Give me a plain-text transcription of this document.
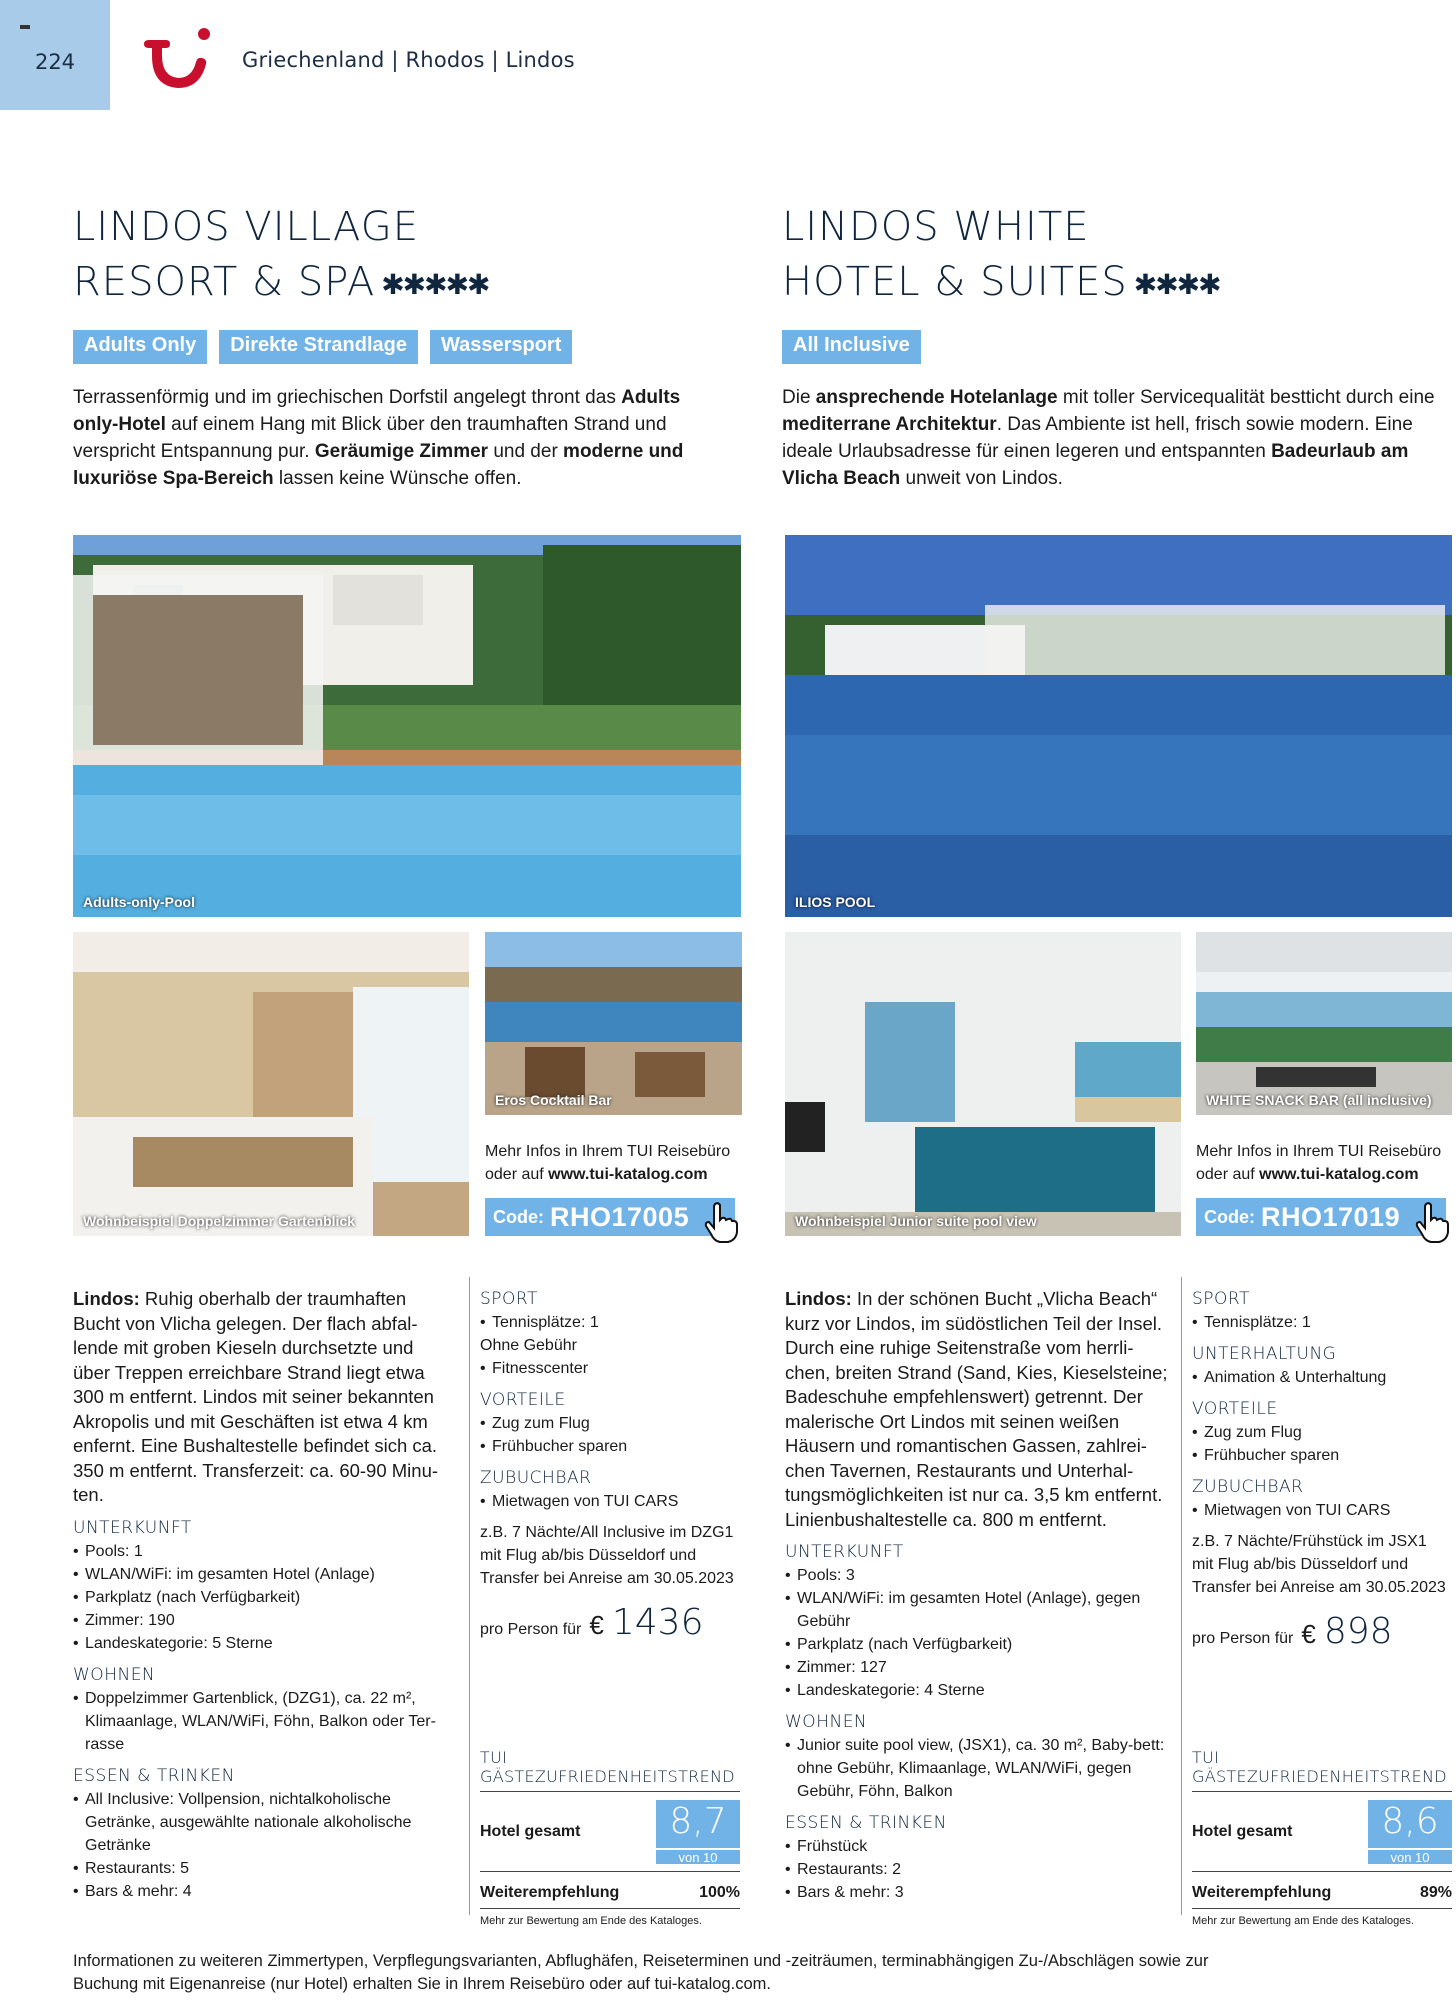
224	Griechenland | Rhodos | Lindos
LINDOS VILLAGE
RESORT & SPA ✱✱✱✱✱
Adults Only	Direkte Strandlage	Wassersport
Terrassenförmig und im griechischen Dorfstil angelegt thront das Adults only-Hotel auf einem Hang mit Blick über den traumhaften Strand und verspricht Entspannung pur. Geräumige Zimmer und der moderne und luxuriöse Spa-Bereich lassen keine Wünsche offen.
LINDOS WHITE
HOTEL & SUITES ✱✱✱✱
All Inclusive
Die ansprechende Hotelanlage mit toller Servicequalität bestticht durch eine mediterrane Architektur. Das Ambiente ist hell, frisch sowie modern. Eine ideale Urlaubsadresse für einen legeren und entspannten Badeurlaub am Vlicha Beach unweit von Lindos.
Adults-only-Pool
Wohnbeispiel Doppelzimmer Gartenblick
Eros Cocktail Bar
Mehr Infos in Ihrem TUI Reisebüro
oder auf www.tui-katalog.com
Code: RHO17005
ILIOS POOL
Wohnbeispiel Junior suite pool view
WHITE SNACK BAR (all inclusive)
Mehr Infos in Ihrem TUI Reisebüro
oder auf www.tui-katalog.com
Code: RHO17019
Lindos: Ruhig oberhalb der traumhaften Bucht von Vlicha gelegen. Der flach abfal-lende mit groben Kieseln durchsetzte und über Treppen erreichbare Strand liegt etwa 300 m entfernt. Lindos mit seiner bekannten Akropolis und mit Geschäften ist etwa 4 km enfernt. Eine Bushaltestelle befindet sich ca. 350 m entfernt. Transferzeit: ca. 60-90 Minu-ten.
UNTERKUNFT
• Pools: 1
• WLAN/WiFi: im gesamten Hotel (Anlage)
• Parkplatz (nach Verfügbarkeit)
• Zimmer: 190
• Landeskategorie: 5 Sterne
WOHNEN
• Doppelzimmer Gartenblick, (DZG1), ca. 22 m², Klimaanlage, WLAN/WiFi, Föhn, Balkon oder Ter-rasse
ESSEN & TRINKEN
• All Inclusive: Vollpension, nichtalkoholische Getränke, ausgewählte nationale alkoholische Getränke
• Restaurants: 5
• Bars & mehr: 4
SPORT
• Tennisplätze: 1
Ohne Gebühr
• Fitnesscenter
VORTEILE
• Zug zum Flug
• Frühbucher sparen
ZUBUCHBAR
• Mietwagen von TUI CARS
z.B. 7 Nächte/All Inclusive im DZG1 mit Flug ab/bis Düsseldorf und Transfer bei Anreise am 30.05.2023
pro Person für € 1436
TUI GÄSTEZUFRIEDENHEITSTREND
Hotel gesamt	8,7
von 10
Weiterempfehlung	100%
Mehr zur Bewertung am Ende des Kataloges.
Lindos: In der schönen Bucht „Vlicha Beach“ kurz vor Lindos, im südöstlichen Teil der Insel. Durch eine ruhige Seitenstraße vom herrli-chen, breiten Strand (Sand, Kies, Kieselsteine; Badeschuhe empfehlenswert) getrennt. Der malerische Ort Lindos mit seinen weißen Häusern und romantischen Gassen, zahlrei-chen Tavernen, Restaurants und Unterhal-tungsmöglichkeiten ist nur ca. 3,5 km entfernt. Linienbushaltestelle ca. 800 m entfernt.
UNTERKUNFT
• Pools: 3
• WLAN/WiFi: im gesamten Hotel (Anlage), gegen Gebühr
• Parkplatz (nach Verfügbarkeit)
• Zimmer: 127
• Landeskategorie: 4 Sterne
WOHNEN
• Junior suite pool view, (JSX1), ca. 30 m², Baby-bett: ohne Gebühr, Klimaanlage, WLAN/WiFi, gegen Gebühr, Föhn, Balkon
ESSEN & TRINKEN
• Frühstück
• Restaurants: 2
• Bars & mehr: 3
SPORT
• Tennisplätze: 1
UNTERHALTUNG
• Animation & Unterhaltung
VORTEILE
• Zug zum Flug
• Frühbucher sparen
ZUBUCHBAR
• Mietwagen von TUI CARS
z.B. 7 Nächte/Frühstück im JSX1 mit Flug ab/bis Düsseldorf und Transfer bei Anreise am 30.05.2023
pro Person für € 898
TUI GÄSTEZUFRIEDENHEITSTREND
Hotel gesamt	8,6
von 10
Weiterempfehlung	89%
Mehr zur Bewertung am Ende des Kataloges.
Informationen zu weiteren Zimmertypen, Verpflegungsvarianten, Abflughäfen, Reiseterminen und -zeiträumen, terminabhängigen Zu-/Abschlägen sowie zur Buchung mit Eigenanreise (nur Hotel) erhalten Sie in Ihrem Reisebüro oder auf tui-katalog.com.
